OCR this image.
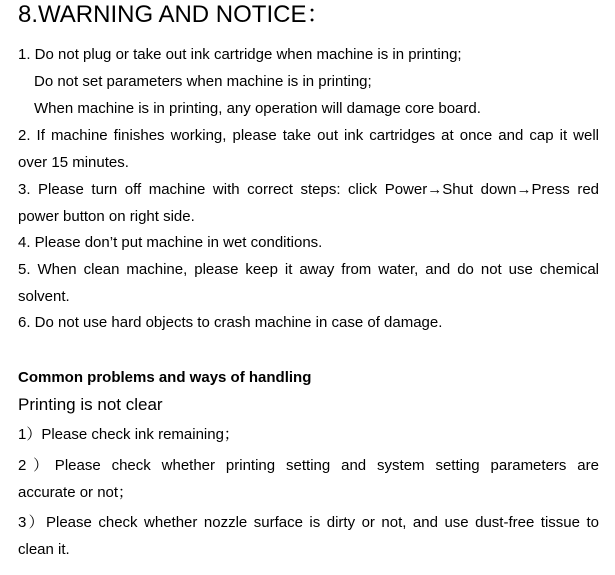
8.WARNING AND NOTICE：
1. Do not plug or take out ink cartridge when machine is in printing;
Do not set parameters when machine is in printing;
When machine is in printing, any operation will damage core board.
2. If machine finishes working, please take out ink cartridges at once and cap it well
over 15 minutes.
3. Please turn off machine with correct steps: click Power→Shut down→Press red
power button on right side.
4. Please don’t put machine in wet conditions.
5. When clean machine, please keep it away from water, and do not use chemical
solvent.
6. Do not use hard objects to crash machine in case of damage.
Common problems and ways of handling
Printing is not clear
1）Please check ink remaining；
2）Please check whether printing setting and system setting parameters are
accurate or not；
3）Please check whether nozzle surface is dirty or not, and use dust-free tissue to
clean it.
